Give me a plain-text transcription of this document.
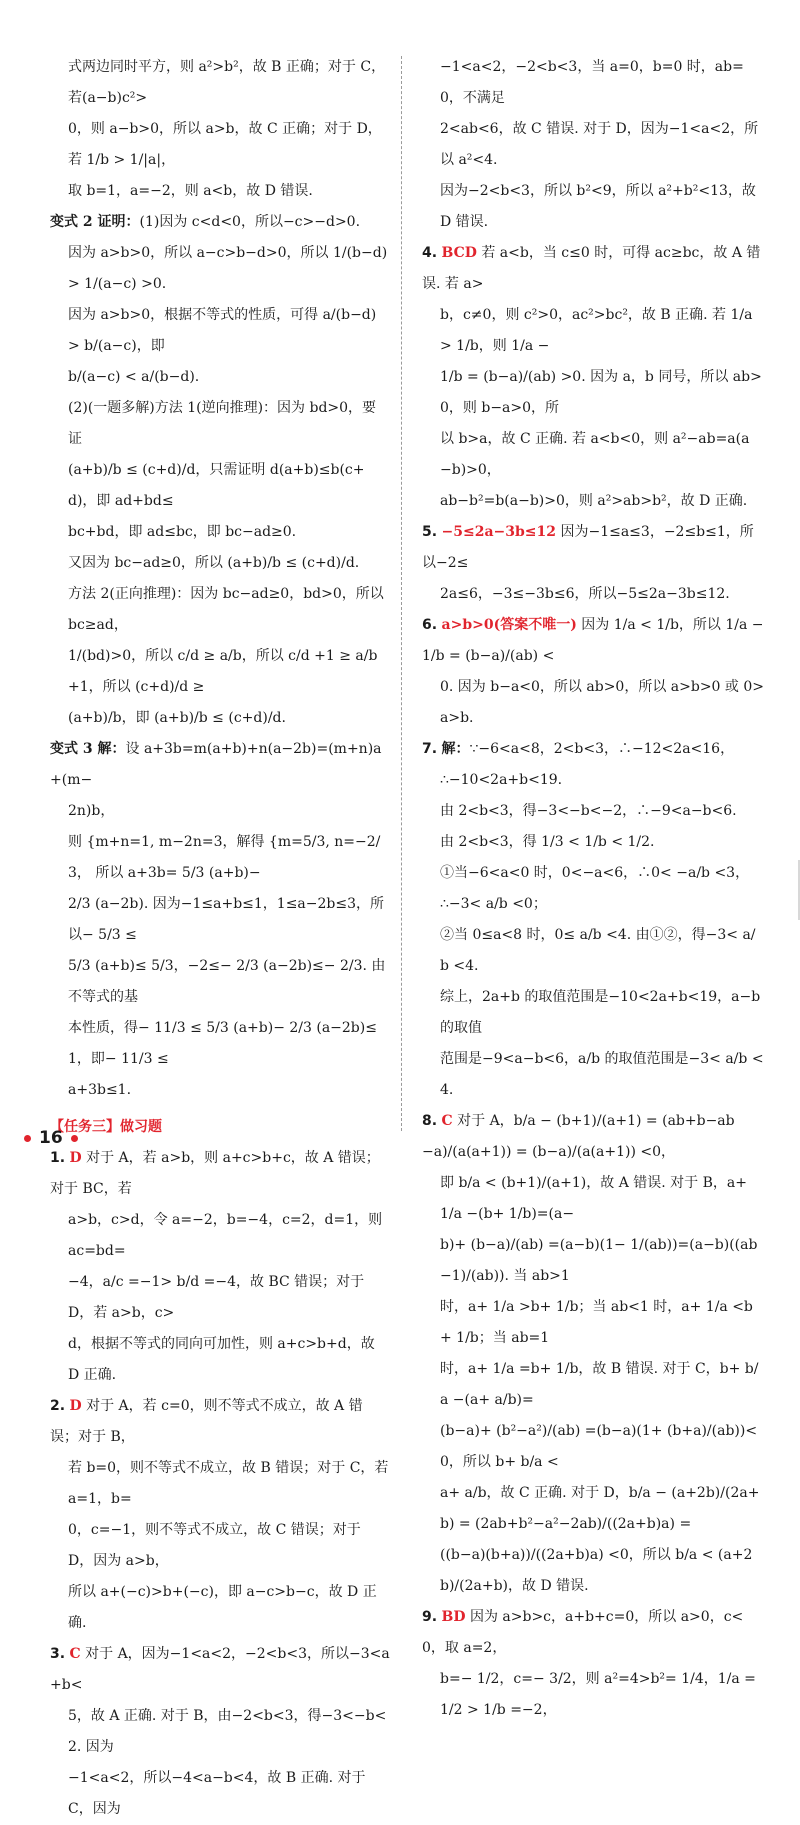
式两边同时平方，则 a²>b²，故 B 正确；对于 C，若(a−b)c²>
0，则 a−b>0，所以 a>b，故 C 正确；对于 D，若 1/b > 1/|a|，
取 b=1，a=−2，则 a<b，故 D 错误.
变式 2 证明：(1)因为 c<d<0，所以−c>−d>0.
因为 a>b>0，所以 a−c>b−d>0，所以 1/(b−d) > 1/(a−c) >0.
因为 a>b>0，根据不等式的性质，可得 a/(b−d) > b/(a−c)，即
b/(a−c) < a/(b−d).
(2)(一题多解)方法 1(逆向推理)：因为 bd>0，要证
(a+b)/b ≤ (c+d)/d，只需证明 d(a+b)≤b(c+d)，即 ad+bd≤
bc+bd，即 ad≤bc，即 bc−ad≥0.
又因为 bc−ad≥0，所以 (a+b)/b ≤ (c+d)/d.
方法 2(正向推理)：因为 bc−ad≥0，bd>0，所以 bc≥ad，
1/(bd)>0，所以 c/d ≥ a/b，所以 c/d +1 ≥ a/b +1，所以 (c+d)/d ≥
(a+b)/b，即 (a+b)/b ≤ (c+d)/d.
变式 3 解：设 a+3b=m(a+b)+n(a−2b)=(m+n)a+(m−
2n)b，
则 {m+n=1, m−2n=3，解得 {m=5/3, n=−2/3， 所以 a+3b= 5/3 (a+b)−
2/3 (a−2b). 因为−1≤a+b≤1，1≤a−2b≤3，所以− 5/3 ≤
5/3 (a+b)≤ 5/3，−2≤− 2/3 (a−2b)≤− 2/3. 由不等式的基
本性质，得− 11/3 ≤ 5/3 (a+b)− 2/3 (a−2b)≤1，即− 11/3 ≤
a+3b≤1.
【任务三】做习题
1. D 对于 A，若 a>b，则 a+c>b+c，故 A 错误；对于 BC，若
a>b，c>d，令 a=−2，b=−4，c=2，d=1，则 ac=bd=
−4，a/c =−1> b/d =−4，故 BC 错误；对于 D，若 a>b，c>
d，根据不等式的同向可加性，则 a+c>b+d，故 D 正确.
2. D 对于 A，若 c=0，则不等式不成立，故 A 错误；对于 B，
若 b=0，则不等式不成立，故 B 错误；对于 C，若 a=1，b=
0，c=−1，则不等式不成立，故 C 错误；对于 D，因为 a>b，
所以 a+(−c)>b+(−c)，即 a−c>b−c，故 D 正确.
3. C 对于 A，因为−1<a<2，−2<b<3，所以−3<a+b<
5，故 A 正确. 对于 B，由−2<b<3，得−3<−b<2. 因为
−1<a<2，所以−4<a−b<4，故 B 正确. 对于 C，因为
−1<a<2，−2<b<3，当 a=0，b=0 时，ab=0，不满足
2<ab<6，故 C 错误. 对于 D，因为−1<a<2，所以 a²<4.
因为−2<b<3，所以 b²<9，所以 a²+b²<13，故 D 错误.
4. BCD 若 a<b，当 c≤0 时，可得 ac≥bc，故 A 错误. 若 a>
b，c≠0，则 c²>0，ac²>bc²，故 B 正确. 若 1/a > 1/b，则 1/a −
1/b = (b−a)/(ab) >0. 因为 a，b 同号，所以 ab>0，则 b−a>0，所
以 b>a，故 C 正确. 若 a<b<0，则 a²−ab=a(a−b)>0，
ab−b²=b(a−b)>0，则 a²>ab>b²，故 D 正确.
5. −5≤2a−3b≤12 因为−1≤a≤3，−2≤b≤1，所以−2≤
2a≤6，−3≤−3b≤6，所以−5≤2a−3b≤12.
6. a>b>0(答案不唯一) 因为 1/a < 1/b，所以 1/a − 1/b = (b−a)/(ab) <
0. 因为 b−a<0，所以 ab>0，所以 a>b>0 或 0>
a>b.
7. 解：∵−6<a<8，2<b<3，∴−12<2a<16，
∴−10<2a+b<19.
由 2<b<3，得−3<−b<−2，∴−9<a−b<6.
由 2<b<3，得 1/3 < 1/b < 1/2.
①当−6<a<0 时，0<−a<6，∴0< −a/b <3，
∴−3< a/b <0；
②当 0≤a<8 时，0≤ a/b <4. 由①②，得−3< a/b <4.
综上，2a+b 的取值范围是−10<2a+b<19，a−b 的取值
范围是−9<a−b<6，a/b 的取值范围是−3< a/b <4.
8. C 对于 A，b/a − (b+1)/(a+1) = (ab+b−ab−a)/(a(a+1)) = (b−a)/(a(a+1)) <0，
即 b/a < (b+1)/(a+1)，故 A 错误. 对于 B，a+ 1/a −(b+ 1/b)=(a−
b)+ (b−a)/(ab) =(a−b)(1− 1/(ab))=(a−b)((ab−1)/(ab)). 当 ab>1
时，a+ 1/a >b+ 1/b；当 ab<1 时，a+ 1/a <b+ 1/b；当 ab=1
时，a+ 1/a =b+ 1/b，故 B 错误. 对于 C，b+ b/a −(a+ a/b)=
(b−a)+ (b²−a²)/(ab) =(b−a)(1+ (b+a)/(ab))<0，所以 b+ b/a <
a+ a/b，故 C 正确. 对于 D，b/a − (a+2b)/(2a+b) = (2ab+b²−a²−2ab)/((2a+b)a) =
((b−a)(b+a))/((2a+b)a) <0，所以 b/a < (a+2b)/(2a+b)，故 D 错误.
9. BD 因为 a>b>c，a+b+c=0，所以 a>0，c<0，取 a=2，
b=− 1/2，c=− 3/2，则 a²=4>b²= 1/4，1/a = 1/2 > 1/b =−2，
16
